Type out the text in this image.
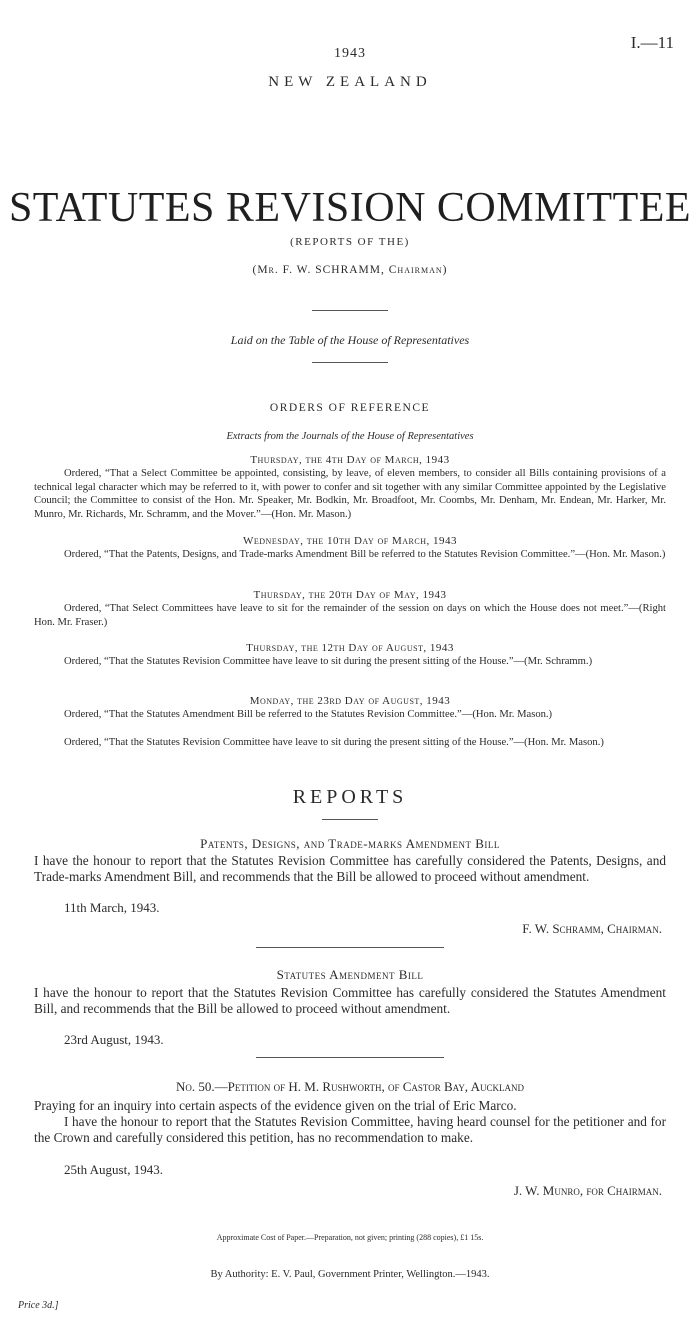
I.—11
1943
NEW ZEALAND
STATUTES REVISION COMMITTEE
(REPORTS OF THE)
(Mr. F. W. SCHRAMM, Chairman)
Laid on the Table of the House of Representatives
ORDERS OF REFERENCE
Extracts from the Journals of the House of Representatives
Thursday, the 4th Day of March, 1943
Ordered, “That a Select Committee be appointed, consisting, by leave, of eleven members, to consider all Bills containing provisions of a technical legal character which may be referred to it, with power to confer and sit together with any similar Committee appointed by the Legislative Council; the Committee to consist of the Hon. Mr. Speaker, Mr. Bodkin, Mr. Broadfoot, Mr. Coombs, Mr. Denham, Mr. Endean, Mr. Harker, Mr. Munro, Mr. Richards, Mr. Schramm, and the Mover.”—(Hon. Mr. Mason.)
Wednesday, the 10th Day of March, 1943
Ordered, “That the Patents, Designs, and Trade-marks Amendment Bill be referred to the Statutes Revision Committee.”—(Hon. Mr. Mason.)
Thursday, the 20th Day of May, 1943
Ordered, “That Select Committees have leave to sit for the remainder of the session on days on which the House does not meet.”—(Right Hon. Mr. Fraser.)
Thursday, the 12th Day of August, 1943
Ordered, “That the Statutes Revision Committee have leave to sit during the present sitting of the House.”—(Mr. Schramm.)
Monday, the 23rd Day of August, 1943
Ordered, “That the Statutes Amendment Bill be referred to the Statutes Revision Committee.”—(Hon. Mr. Mason.)
Ordered, “That the Statutes Revision Committee have leave to sit during the present sitting of the House.”—(Hon. Mr. Mason.)
REPORTS
Patents, Designs, and Trade-marks Amendment Bill
I have the honour to report that the Statutes Revision Committee has carefully considered the Patents, Designs, and Trade-marks Amendment Bill, and recommends that the Bill be allowed to proceed without amendment.
11th March, 1943.
F. W. Schramm, Chairman.
Statutes Amendment Bill
I have the honour to report that the Statutes Revision Committee has carefully considered the Statutes Amendment Bill, and recommends that the Bill be allowed to proceed without amendment.
23rd August, 1943.
No. 50.—Petition of H. M. Rushworth, of Castor Bay, Auckland
Praying for an inquiry into certain aspects of the evidence given on the trial of Eric Marco.
I have the honour to report that the Statutes Revision Committee, having heard counsel for the petitioner and for the Crown and carefully considered this petition, has no recommendation to make.
25th August, 1943.
J. W. Munro, for Chairman.
Approximate Cost of Paper.—Preparation, not given; printing (288 copies), £1 15s.
By Authority: E. V. Paul, Government Printer, Wellington.—1943.
Price 3d.]
